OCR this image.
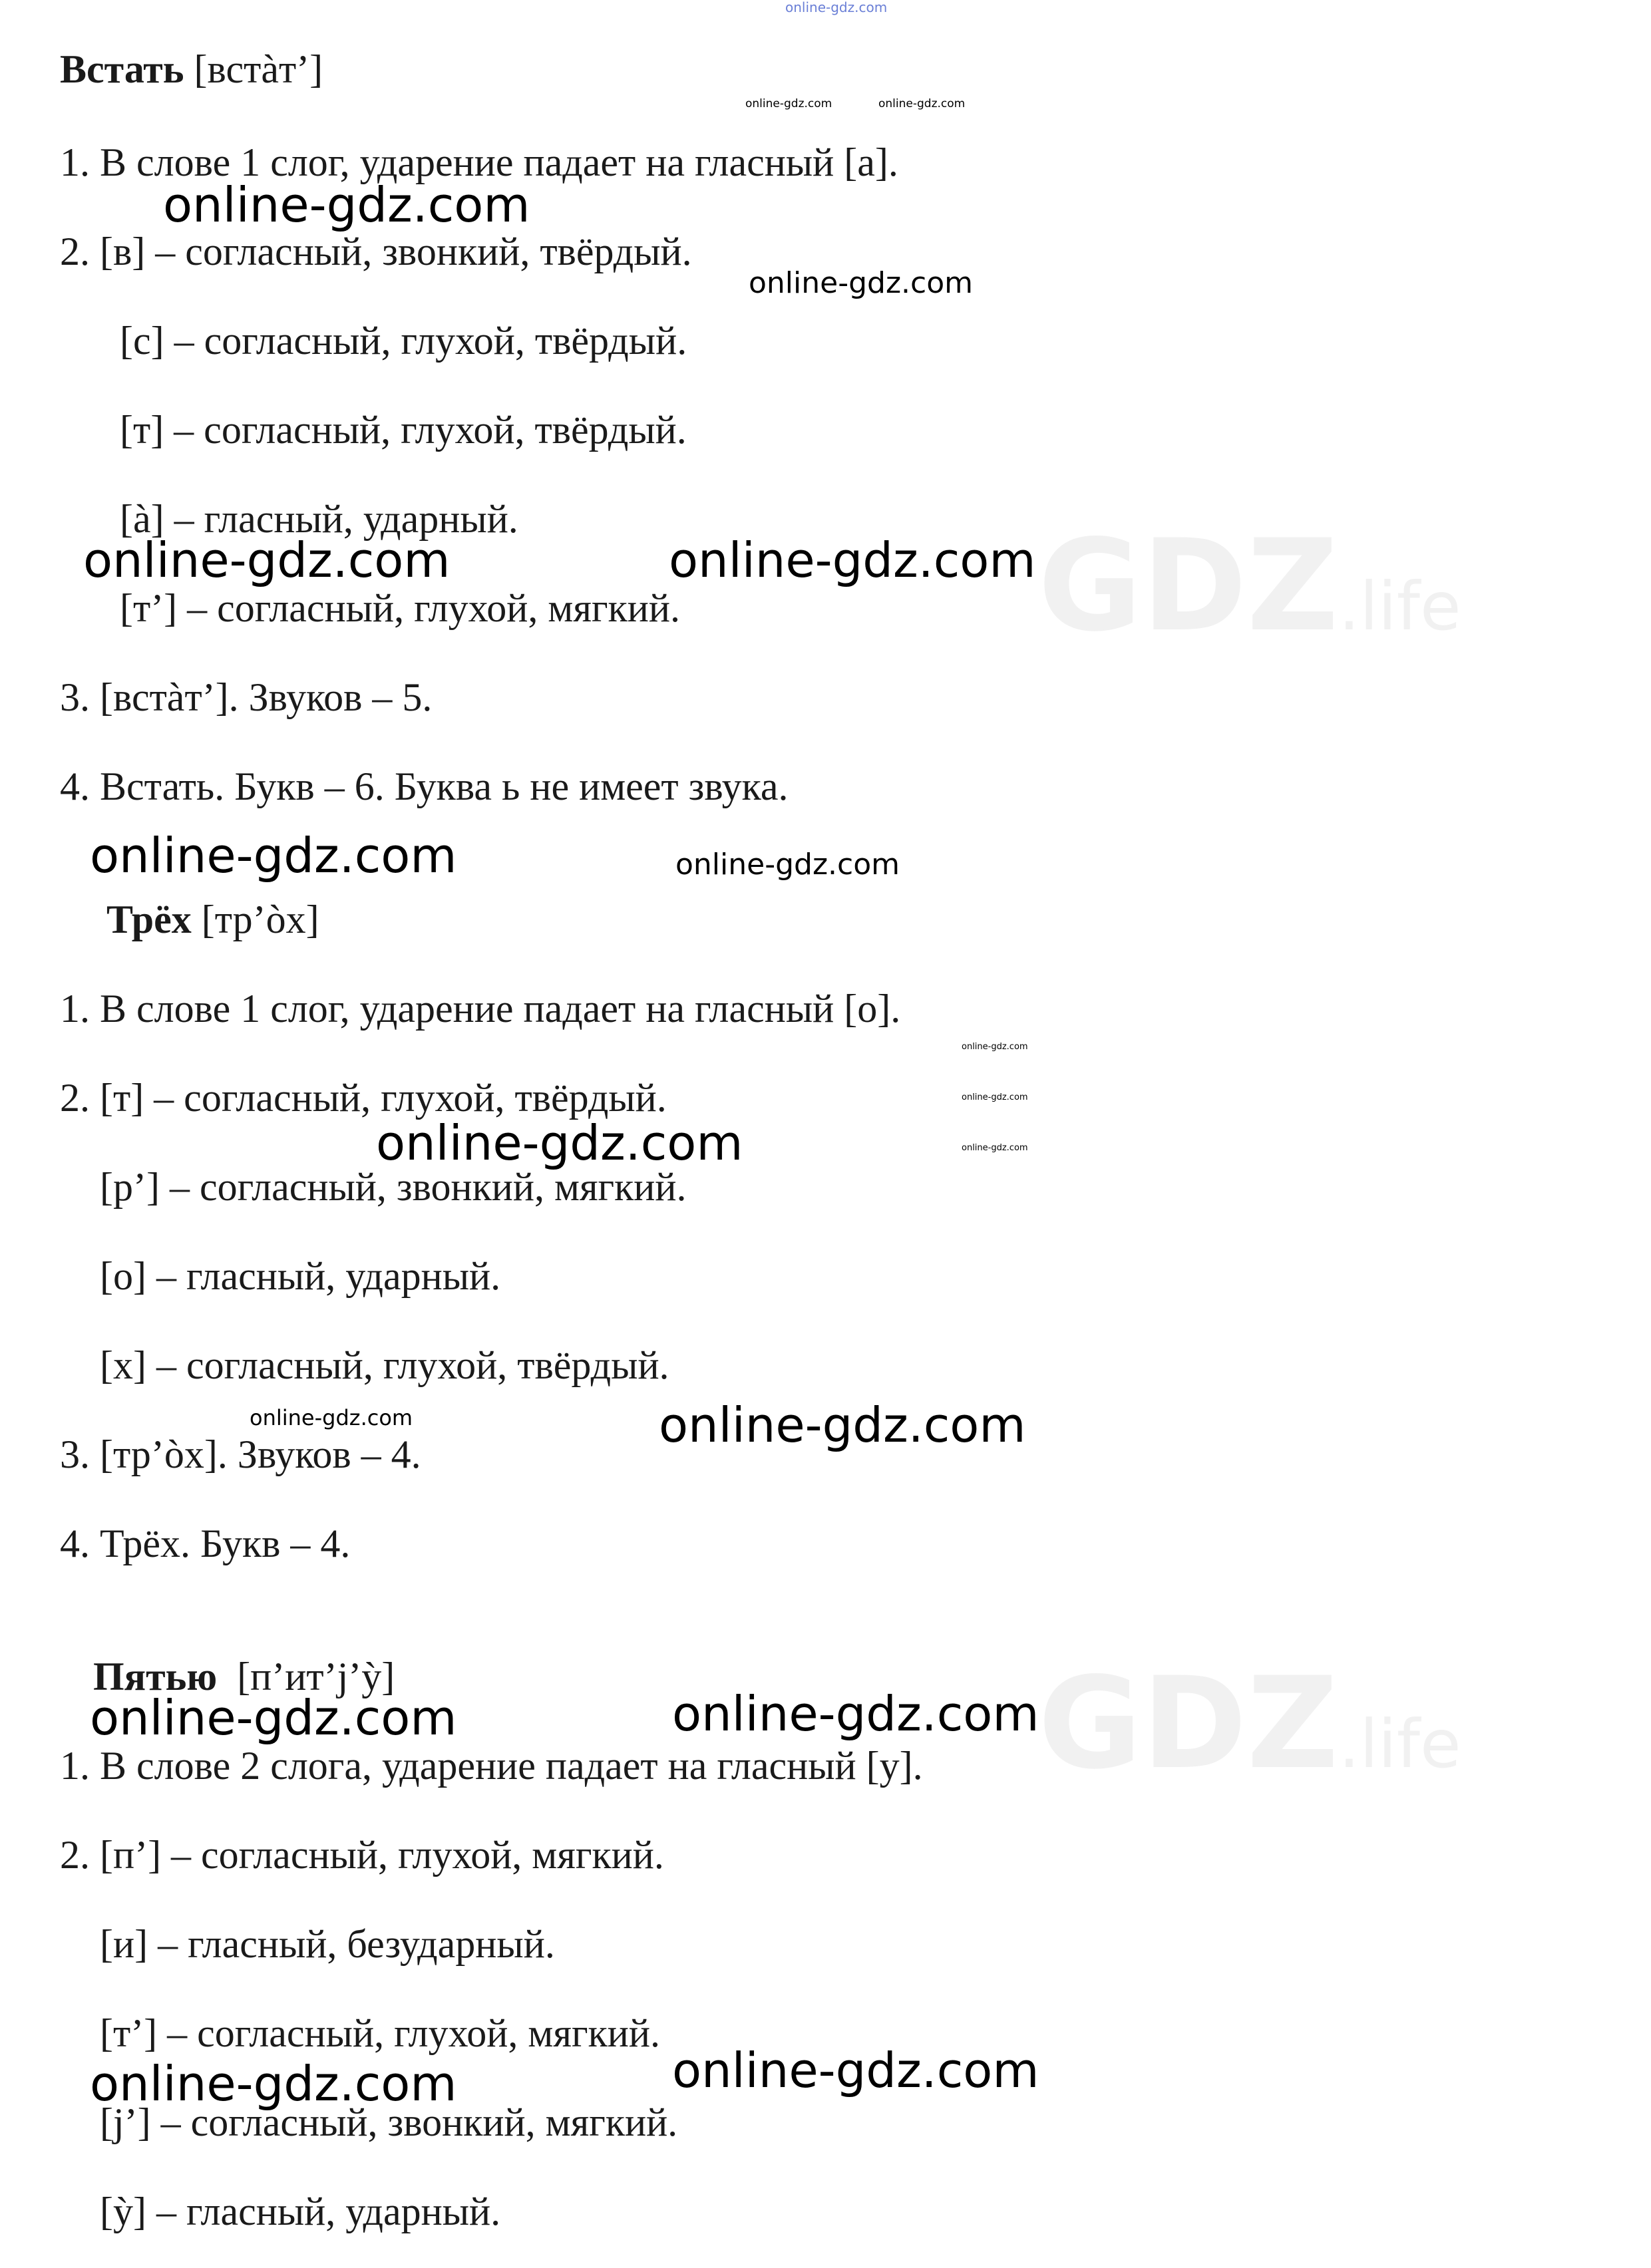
GDZ.life
GDZ.life
Встать [встàт’]
1. В слове 1 слог, ударение падает на гласный [а].
2. [в] – согласный, звонкий, твёрдый.
[с] – согласный, глухой, твёрдый.
[т] – согласный, глухой, твёрдый.
[à] – гласный, ударный.
[т’] – согласный, глухой, мягкий.
3. [встàт’]. Звуков – 5.
4. Встать. Букв – 6. Буква ь не имеет звука.
Трёх [тр’òх]
1. В слове 1 слог, ударение падает на гласный [о].
2. [т] – согласный, глухой, твёрдый.
[р’] – согласный, звонкий, мягкий.
[о] – гласный, ударный.
[х] – согласный, глухой, твёрдый.
3. [тр’òх]. Звуков – 4.
4. Трёх. Букв – 4.
Пятью [п’ит’j’ỳ]
1. В слове 2 слога, ударение падает на гласный [у].
2. [п’] – согласный, глухой, мягкий.
[и] – гласный, безударный.
[т’] – согласный, глухой, мягкий.
[j’] – согласный, звонкий, мягкий.
[ỳ] – гласный, ударный.
online-gdz.com
online-gdz.com	online-gdz.com
online-gdz.com
online-gdz.com
online-gdz.com	online-gdz.com
online-gdz.com	online-gdz.com
online-gdz.com
online-gdz.com
online-gdz.com
online-gdz.com
online-gdz.com	online-gdz.com
online-gdz.com	online-gdz.com
online-gdz.com	online-gdz.com
